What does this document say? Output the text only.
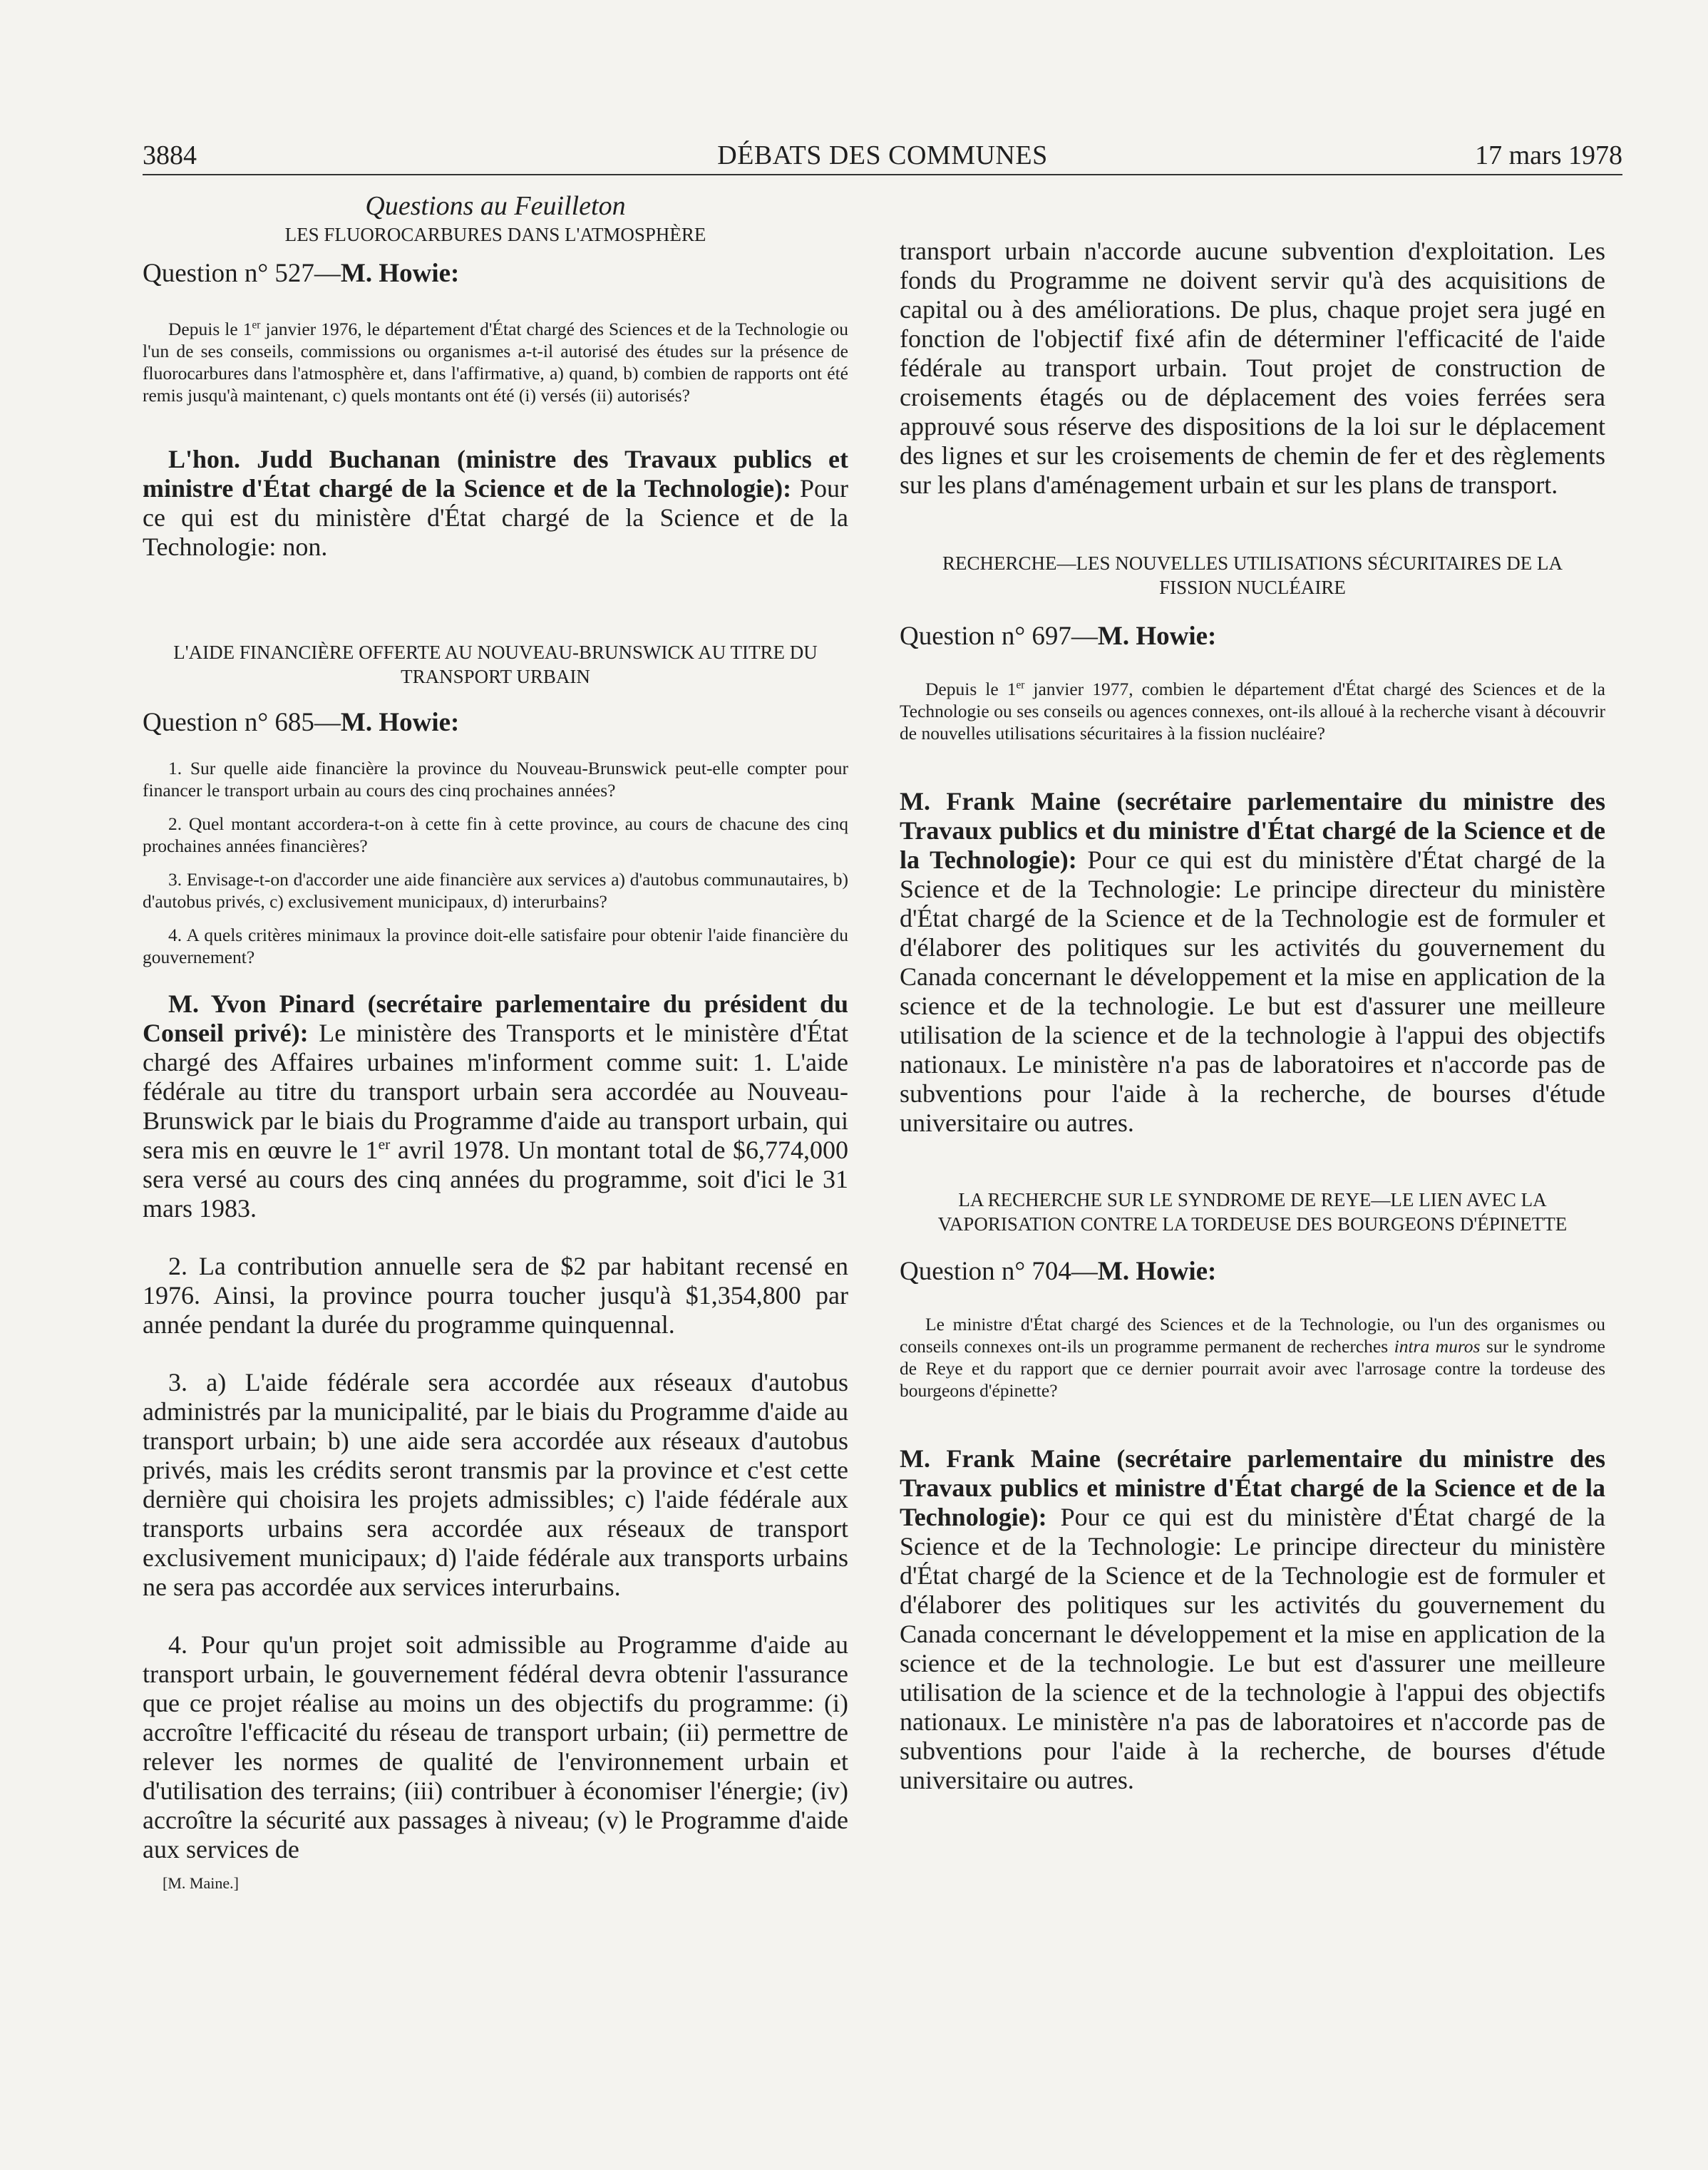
3884	DÉBATS DES COMMUNES	17 mars 1978
Questions au Feuilleton
LES FLUOROCARBURES DANS L'ATMOSPHÈRE

Question n° 527—M. Howie:

Depuis le 1er janvier 1976, le département d'État chargé des Sciences et de la Technologie ou l'un de ses conseils, commissions ou organismes a-t-il autorisé des études sur la présence de fluorocarbures dans l'atmosphère et, dans l'affirmative, a) quand, b) combien de rapports ont été remis jusqu'à maintenant, c) quels montants ont été (i) versés (ii) autorisés?

L'hon. Judd Buchanan (ministre des Travaux publics et ministre d'État chargé de la Science et de la Technologie): Pour ce qui est du ministère d'État chargé de la Science et de la Technologie: non.

L'AIDE FINANCIÈRE OFFERTE AU NOUVEAU-BRUNSWICK AU TITRE DU TRANSPORT URBAIN

Question n° 685—M. Howie:

1. Sur quelle aide financière la province du Nouveau-Brunswick peut-elle compter pour financer le transport urbain au cours des cinq prochaines années?

2. Quel montant accordera-t-on à cette fin à cette province, au cours de chacune des cinq prochaines années financières?

3. Envisage-t-on d'accorder une aide financière aux services a) d'autobus communautaires, b) d'autobus privés, c) exclusivement municipaux, d) interurbains?

4. A quels critères minimaux la province doit-elle satisfaire pour obtenir l'aide financière du gouvernement?

M. Yvon Pinard (secrétaire parlementaire du président du Conseil privé): Le ministère des Transports et le ministère d'État chargé des Affaires urbaines m'informent comme suit: 1. L'aide fédérale au titre du transport urbain sera accordée au Nouveau-Brunswick par le biais du Programme d'aide au transport urbain, qui sera mis en œuvre le 1er avril 1978. Un montant total de $6,774,000 sera versé au cours des cinq années du programme, soit d'ici le 31 mars 1983.

2. La contribution annuelle sera de $2 par habitant recensé en 1976. Ainsi, la province pourra toucher jusqu'à $1,354,800 par année pendant la durée du programme quinquennal.

3. a) L'aide fédérale sera accordée aux réseaux d'autobus administrés par la municipalité, par le biais du Programme d'aide au transport urbain; b) une aide sera accordée aux réseaux d'autobus privés, mais les crédits seront transmis par la province et c'est cette dernière qui choisira les projets admissibles; c) l'aide fédérale aux transports urbains sera accordée aux réseaux de transport exclusivement municipaux; d) l'aide fédérale aux transports urbains ne sera pas accordée aux services interurbains.

4. Pour qu'un projet soit admissible au Programme d'aide au transport urbain, le gouvernement fédéral devra obtenir l'assurance que ce projet réalise au moins un des objectifs du programme: (i) accroître l'efficacité du réseau de transport urbain; (ii) permettre de relever les normes de qualité de l'environnement urbain et d'utilisation des terrains; (iii) contribuer à économiser l'énergie; (iv) accroître la sécurité aux passages à niveau; (v) le Programme d'aide aux services de

[M. Maine.]

transport urbain n'accorde aucune subvention d'exploitation. Les fonds du Programme ne doivent servir qu'à des acquisitions de capital ou à des améliorations. De plus, chaque projet sera jugé en fonction de l'objectif fixé afin de déterminer l'efficacité de l'aide fédérale au transport urbain. Tout projet de construction de croisements étagés ou de déplacement des voies ferrées sera approuvé sous réserve des dispositions de la loi sur le déplacement des lignes et sur les croisements de chemin de fer et des règlements sur les plans d'aménagement urbain et sur les plans de transport.

RECHERCHE—LES NOUVELLES UTILISATIONS SÉCURITAIRES DE LA FISSION NUCLÉAIRE

Question n° 697—M. Howie:

Depuis le 1er janvier 1977, combien le département d'État chargé des Sciences et de la Technologie ou ses conseils ou agences connexes, ont-ils alloué à la recherche visant à découvrir de nouvelles utilisations sécuritaires à la fission nucléaire?

M. Frank Maine (secrétaire parlementaire du ministre des Travaux publics et du ministre d'État chargé de la Science et de la Technologie): Pour ce qui est du ministère d'État chargé de la Science et de la Technologie: Le principe directeur du ministère d'État chargé de la Science et de la Technologie est de formuler et d'élaborer des politiques sur les activités du gouvernement du Canada concernant le développement et la mise en application de la science et de la technologie. Le but est d'assurer une meilleure utilisation de la science et de la technologie à l'appui des objectifs nationaux. Le ministère n'a pas de laboratoires et n'accorde pas de subventions pour l'aide à la recherche, de bourses d'étude universitaire ou autres.

LA RECHERCHE SUR LE SYNDROME DE REYE—LE LIEN AVEC LA VAPORISATION CONTRE LA TORDEUSE DES BOURGEONS D'ÉPINETTE

Question n° 704—M. Howie:

Le ministre d'État chargé des Sciences et de la Technologie, ou l'un des organismes ou conseils connexes ont-ils un programme permanent de recherches intra muros sur le syndrome de Reye et du rapport que ce dernier pourrait avoir avec l'arrosage contre la tordeuse des bourgeons d'épinette?

M. Frank Maine (secrétaire parlementaire du ministre des Travaux publics et ministre d'État chargé de la Science et de la Technologie): Pour ce qui est du ministère d'État chargé de la Science et de la Technologie: Le principe directeur du ministère d'État chargé de la Science et de la Technologie est de formuler et d'élaborer des politiques sur les activités du gouvernement du Canada concernant le développement et la mise en application de la science et de la technologie. Le but est d'assurer une meilleure utilisation de la science et de la technologie à l'appui des objectifs nationaux. Le ministère n'a pas de laboratoires et n'accorde pas de subventions pour l'aide à la recherche, de bourses d'étude universitaire ou autres.
